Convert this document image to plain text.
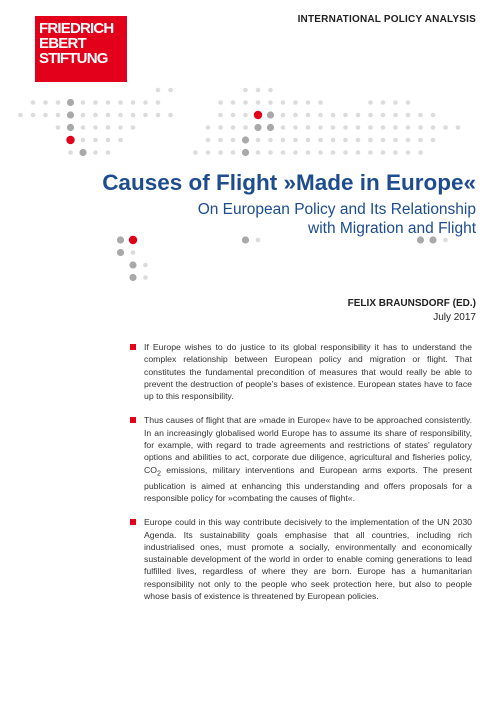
FRIEDRICH
EBERT
STIFTUNG
INTERNATIONAL POLICY ANALYSIS
Causes of Flight »Made in Europe«

On European Policy and Its Relationship
with Migration and Flight

FELIX BRAUNSDORF (ED.)
July 2017
If Europe wishes to do justice to its global responsibility it has to understand the complex relationship between European policy and migration or flight. That constitutes the fundamental precondition of measures that would really be able to prevent the destruction of people’s bases of existence. European states have to face up to this responsibility.
Thus causes of flight that are »made in Europe« have to be approached consistently. In an increasingly globalised world Europe has to assume its share of responsibility, for example, with regard to trade agreements and restrictions of states’ regulatory options and abilities to act, corporate due diligence, agricultural and fisheries policy, $CO_2$ emissions, military interventions and European arms exports. The present publication is aimed at enhancing this understanding and offers proposals for a responsible policy for »combating the causes of flight«.
Europe could in this way contribute decisively to the implementation of the UN 2030 Agenda. Its sustainability goals emphasise that all countries, including rich industrialised ones, must promote a socially, environmentally and economically sustainable development of the world in order to enable coming generations to lead fulfilled lives, regardless of where they are born. Europe has a humanitarian responsibility not only to the people who seek protection here, but also to people whose basis of existence is threatened by European policies.
